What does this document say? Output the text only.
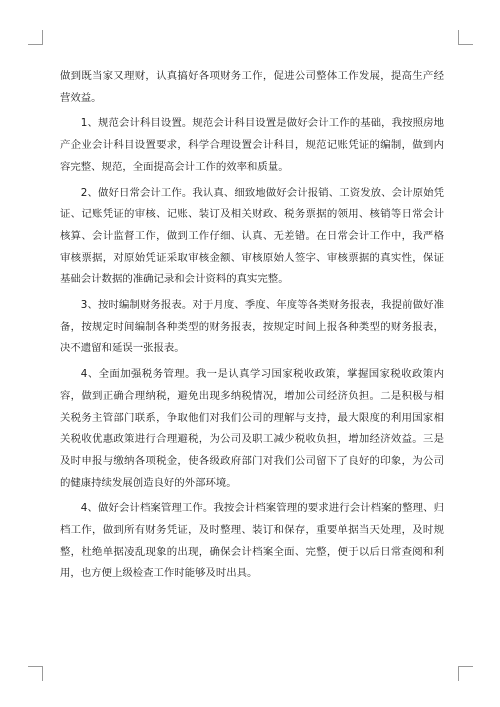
做到既当家又理财，认真搞好各项财务工作，促进公司整体工作发展，提高生产经营效益。

1、规范会计科目设置。规范会计科目设置是做好会计工作的基础，我按照房地产企业会计科目设置要求，科学合理设置会计科目，规范记账凭证的编制，做到内容完整、规范，全面提高会计工作的效率和质量。

2、做好日常会计工作。我认真、细致地做好会计报销、工资发放、会计原始凭证、记账凭证的审核、记账、装订及相关财政、税务票据的领用、核销等日常会计核算、会计监督工作，做到工作仔细、认真、无差错。在日常会计工作中，我严格审核票据，对原始凭证采取审核金额、审核原始人签字、审核票据的真实性，保证基础会计数据的准确记录和会计资料的真实完整。

3、按时编制财务报表。对于月度、季度、年度等各类财务报表，我提前做好准备，按规定时间编制各种类型的财务报表，按规定时间上报各种类型的财务报表，决不遗留和延误一张报表。

4、全面加强税务管理。我一是认真学习国家税收政策，掌握国家税收政策内容，做到正确合理纳税，避免出现多纳税情况，增加公司经济负担。二是积极与相关税务主管部门联系，争取他们对我们公司的理解与支持，最大限度的利用国家相关税收优惠政策进行合理避税，为公司及职工减少税收负担，增加经济效益。三是及时申报与缴纳各项税金，使各级政府部门对我们公司留下了良好的印象，为公司的健康持续发展创造良好的外部环境。

4、做好会计档案管理工作。我按会计档案管理的要求进行会计档案的整理、归档工作，做到所有财务凭证，及时整理、装订和保存，重要单据当天处理，及时规整，杜绝单据凌乱现象的出现，确保会计档案全面、完整，便于以后日常查阅和利用，也方便上级检查工作时能够及时出具。
